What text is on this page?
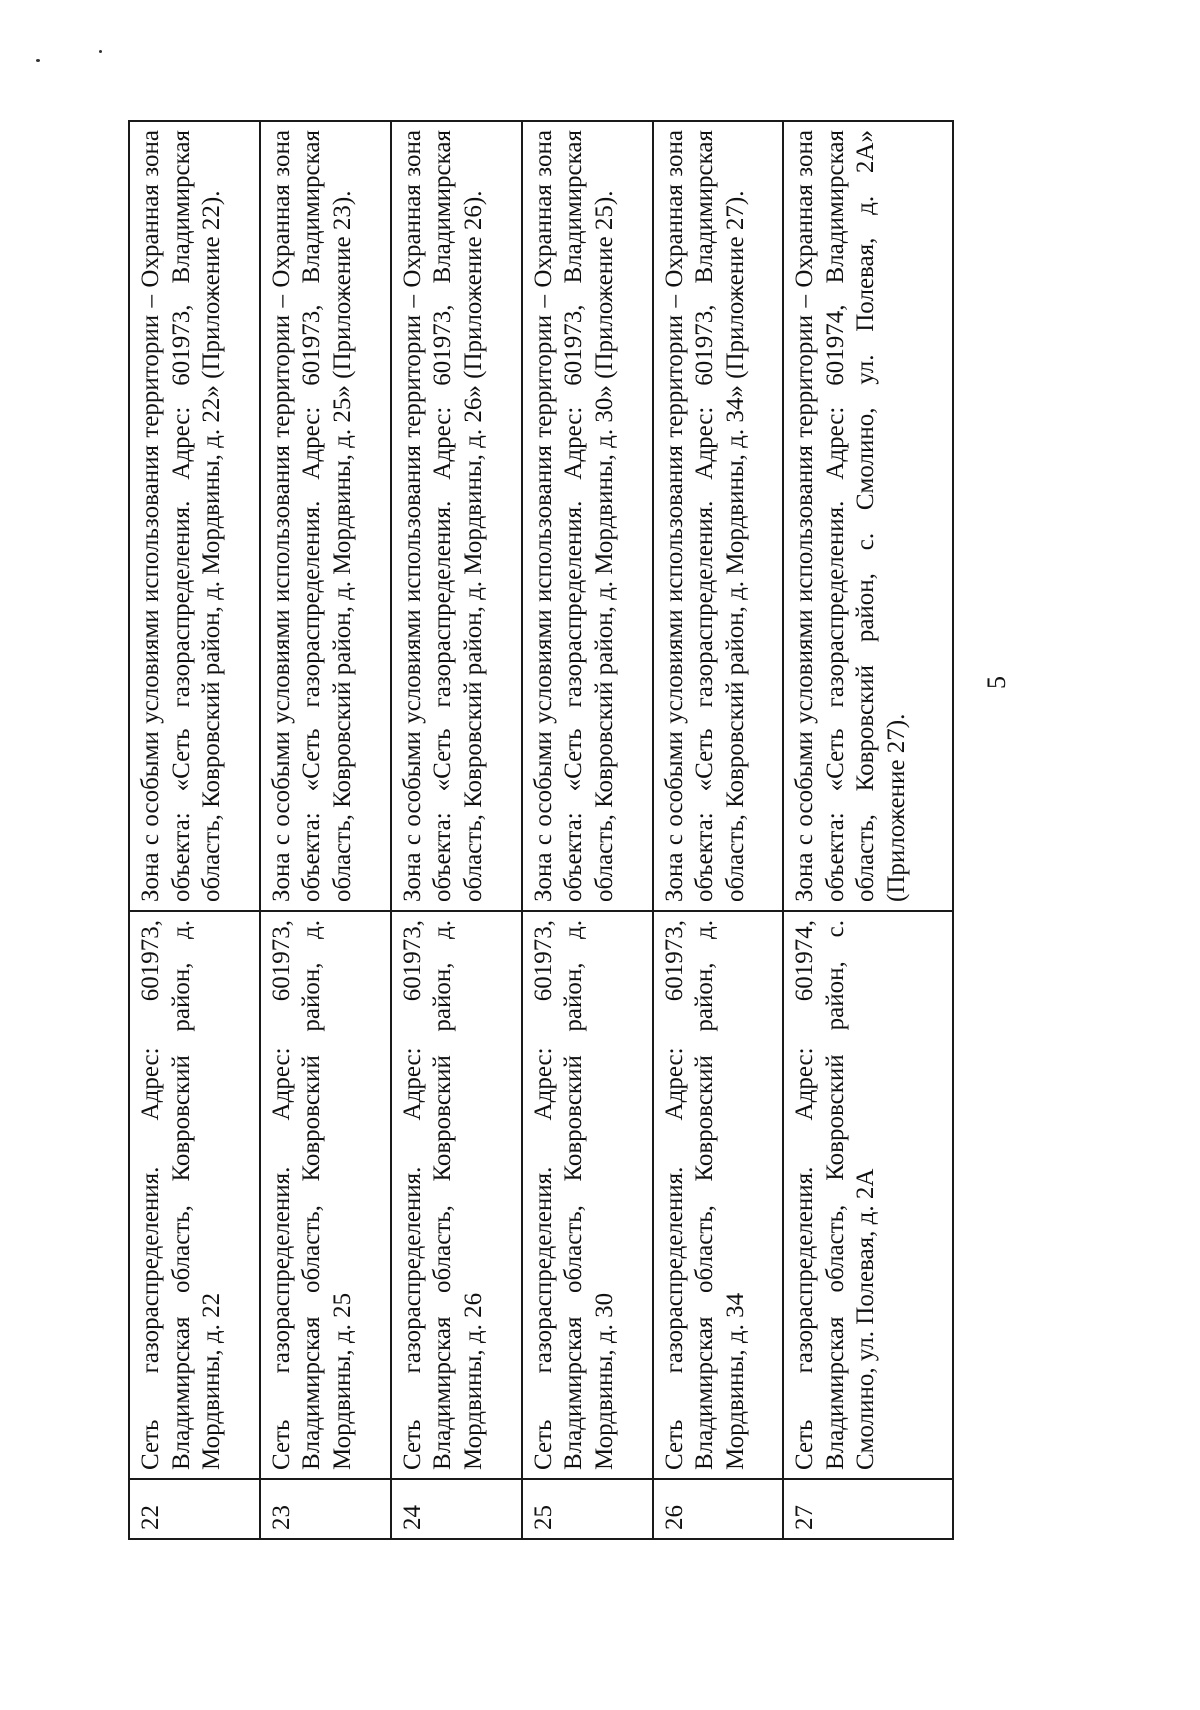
22	Сеть газораспределения. Адрес: 601973, Владимирская область, Ковровский район, д. Мордвины, д. 22	Зона с особыми условиями использования территории – Охранная зона объекта: «Сеть газораспределения. Адрес: 601973, Владимирская область, Ковровский район, д. Мордвины, д. 22» (Приложение 22).
23	Сеть газораспределения. Адрес: 601973, Владимирская область, Ковровский район, д. Мордвины, д. 25	Зона с особыми условиями использования территории – Охранная зона объекта: «Сеть газораспределения. Адрес: 601973, Владимирская область, Ковровский район, д. Мордвины, д. 25» (Приложение 23).
24	Сеть газораспределения. Адрес: 601973, Владимирская область, Ковровский район, д. Мордвины, д. 26	Зона с особыми условиями использования территории – Охранная зона объекта: «Сеть газораспределения. Адрес: 601973, Владимирская область, Ковровский район, д. Мордвины, д. 26» (Приложение 26).
25	Сеть газораспределения. Адрес: 601973, Владимирская область, Ковровский район, д. Мордвины, д. 30	Зона с особыми условиями использования территории – Охранная зона объекта: «Сеть газораспределения. Адрес: 601973, Владимирская область, Ковровский район, д. Мордвины, д. 30» (Приложение 25).
26	Сеть газораспределения. Адрес: 601973, Владимирская область, Ковровский район, д. Мордвины, д. 34	Зона с особыми условиями использования территории – Охранная зона объекта: «Сеть газораспределения. Адрес: 601973, Владимирская область, Ковровский район, д. Мордвины, д. 34» (Приложение 27).
27	Сеть газораспределения. Адрес: 601974, Владимирская область, Ковровский район, с. Смолино, ул. Полевая, д. 2А	Зона с особыми условиями использования территории – Охранная зона объекта: «Сеть газораспределения. Адрес: 601974, Владимирская область, Ковровский район, с. Смолино, ул. Полевая, д. 2А» (Приложение 27).
5
